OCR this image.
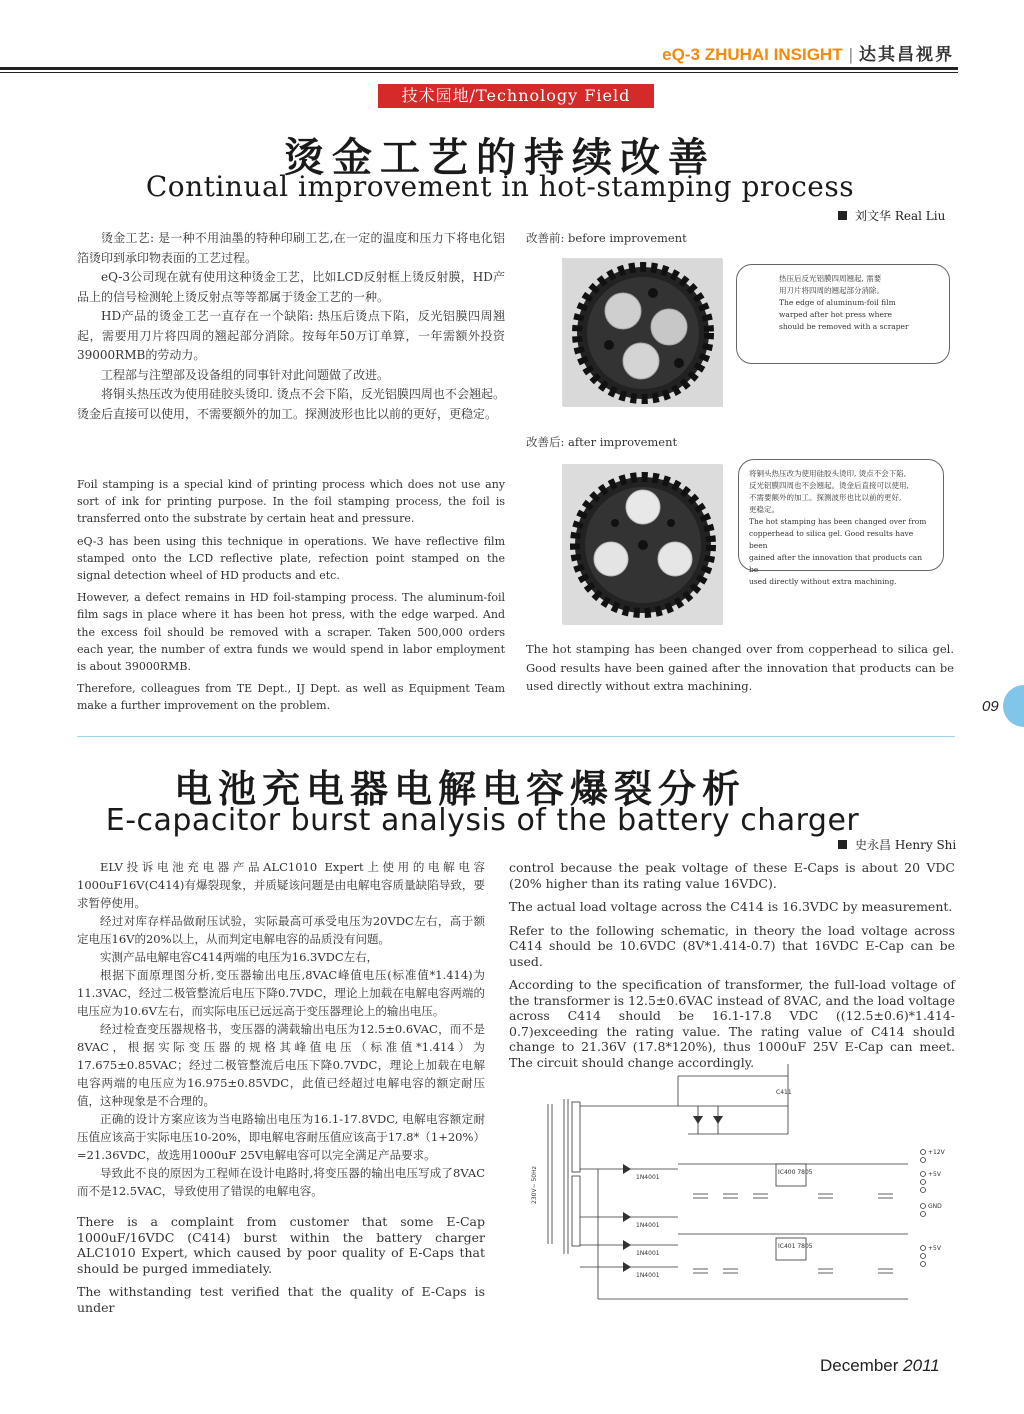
eQ-3 ZHUHAI INSIGHT | 达其昌视界
技术园地/Technology Field
烫金工艺的持续改善
Continual improvement in hot-stamping process
刘文华 Real Liu

烫金工艺: 是一种不用油墨的特种印刷工艺,在一定的温度和压力下将电化铝箔烫印到承印物表面的工艺过程。

eQ-3公司现在就有使用这种烫金工艺，比如LCD反射框上烫反射膜，HD产品上的信号检测轮上烫反射点等等都属于烫金工艺的一种。

HD产品的烫金工艺一直存在一个缺陷: 热压后烫点下陷，反光铝膜四周翘起，需要用刀片将四周的翘起部分消除。按每年50万订单算，一年需额外投资39000RMB的劳动力。

工程部与注塑部及设备组的同事针对此问题做了改进。

将铜头热压改为使用硅胶头烫印. 烫点不会下陷，反光铝膜四周也不会翘起。烫金后直接可以使用，不需要额外的加工。探测波形也比以前的更好，更稳定。

Foil stamping is a special kind of printing process which does not use any sort of ink for printing purpose. In the foil stamping process, the foil is transferred onto the substrate by certain heat and pressure.

eQ-3 has been using this technique in operations. We have reflective film stamped onto the LCD reflective plate, refection point stamped on the signal detection wheel of HD products and etc.

However, a defect remains in HD foil-stamping process. The aluminum-foil film sags in place where it has been hot press, with the edge warped. And the excess foil should be removed with a scraper. Taken 500,000 orders each year, the number of extra funds we would spend in labor employment is about 39000RMB.

Therefore, colleagues from TE Dept., IJ Dept. as well as Equipment Team make a further improvement on the problem.

改善前: before improvement
热压后反光铝膜四周翘起, 需要
用刀片将四周的翘起部分消除。
The edge of aluminum-foil film
warped after hot press where
should be removed with a scraper
改善后: after improvement
将铜头热压改为使用硅胶头烫印, 烫点不会下陷,
反光铝膜四周也不会翘起。烫金后直接可以使用,
不需要额外的加工。探测波形也比以前的更好,
更稳定。
The hot stamping has been changed over from
copperhead to silica gel. Good results have been
gained after the innovation that products can be
used directly without extra machining.
The hot stamping has been changed over from copperhead to silica gel. Good results have been gained after the innovation that products can be used directly without extra machining.
09
电池充电器电解电容爆裂分析
E-capacitor burst analysis of the battery charger
史永昌 Henry Shi

ELV投诉电池充电器产品ALC1010 Expert上使用的电解电容1000uF16V(C414)有爆裂现象，并质疑该问题是由电解电容质量缺陷导致，要求暂停使用。

经过对库存样品做耐压试验，实际最高可承受电压为20VDC左右，高于额定电压16V的20%以上，从而判定电解电容的品质没有问题。

实测产品电解电容C414两端的电压为16.3VDC左右，

根据下面原理图分析,变压器输出电压,8VAC峰值电压(标准值*1.414)为11.3VAC，经过二极管整流后电压下降0.7VDC，理论上加载在电解电容两端的电压应为10.6V左右，而实际电压已远远高于变压器理论上的输出电压。

经过检查变压器规格书，变压器的满载输出电压为12.5±0.6VAC，而不是8VAC，根据实际变压器的规格其峰值电压（标准值*1.414）为17.675±0.85VAC；经过二极管整流后电压下降0.7VDC，理论上加载在电解电容两端的电压应为16.975±0.85VDC，此值已经超过电解电容的额定耐压值，这种现象是不合理的。

正确的设计方案应该为当电路输出电压为16.1-17.8VDC, 电解电容额定耐压值应该高于实际电压10-20%，即电解电容耐压值应该高于17.8*（1+20%）=21.36VDC，故选用1000uF 25V电解电容可以完全满足产品要求。

导致此不良的原因为工程师在设计电路时,将变压器的输出电压写成了8VAC而不是12.5VAC，导致使用了错误的电解电容。

There is a complaint from customer that some E-Cap 1000uF/16VDC (C414) burst within the battery charger ALC1010 Expert, which caused by poor quality of E-Caps that should be purged immediately.

The withstanding test verified that the quality of E-Caps is under

control because the peak voltage of these E-Caps is about 20 VDC (20% higher than its rating value 16VDC).

The actual load voltage across the C414 is 16.3VDC by measurement.

Refer to the following schematic, in theory the load voltage across C414 should be 10.6VDC (8V*1.414-0.7) that 16VDC E-Cap can be used.

According to the specification of transformer, the full-load voltage of the transformer is 12.5±0.6VAC instead of 8VAC, and the load voltage across C414 should be 16.1-17.8 VDC ((12.5±0.6)*1.414-0.7)exceeding the rating value. The rating value of C414 should change to 21.36V (17.8*120%), thus 1000uF 25V E-Cap can meet. The circuit should change accordingly.

230V~ 50Hz
C411
1N4001
1N4001
1N4001
1N4001
IC400 7805
IC401 7805
+12V
+5V
GND
+5V
December 2011
